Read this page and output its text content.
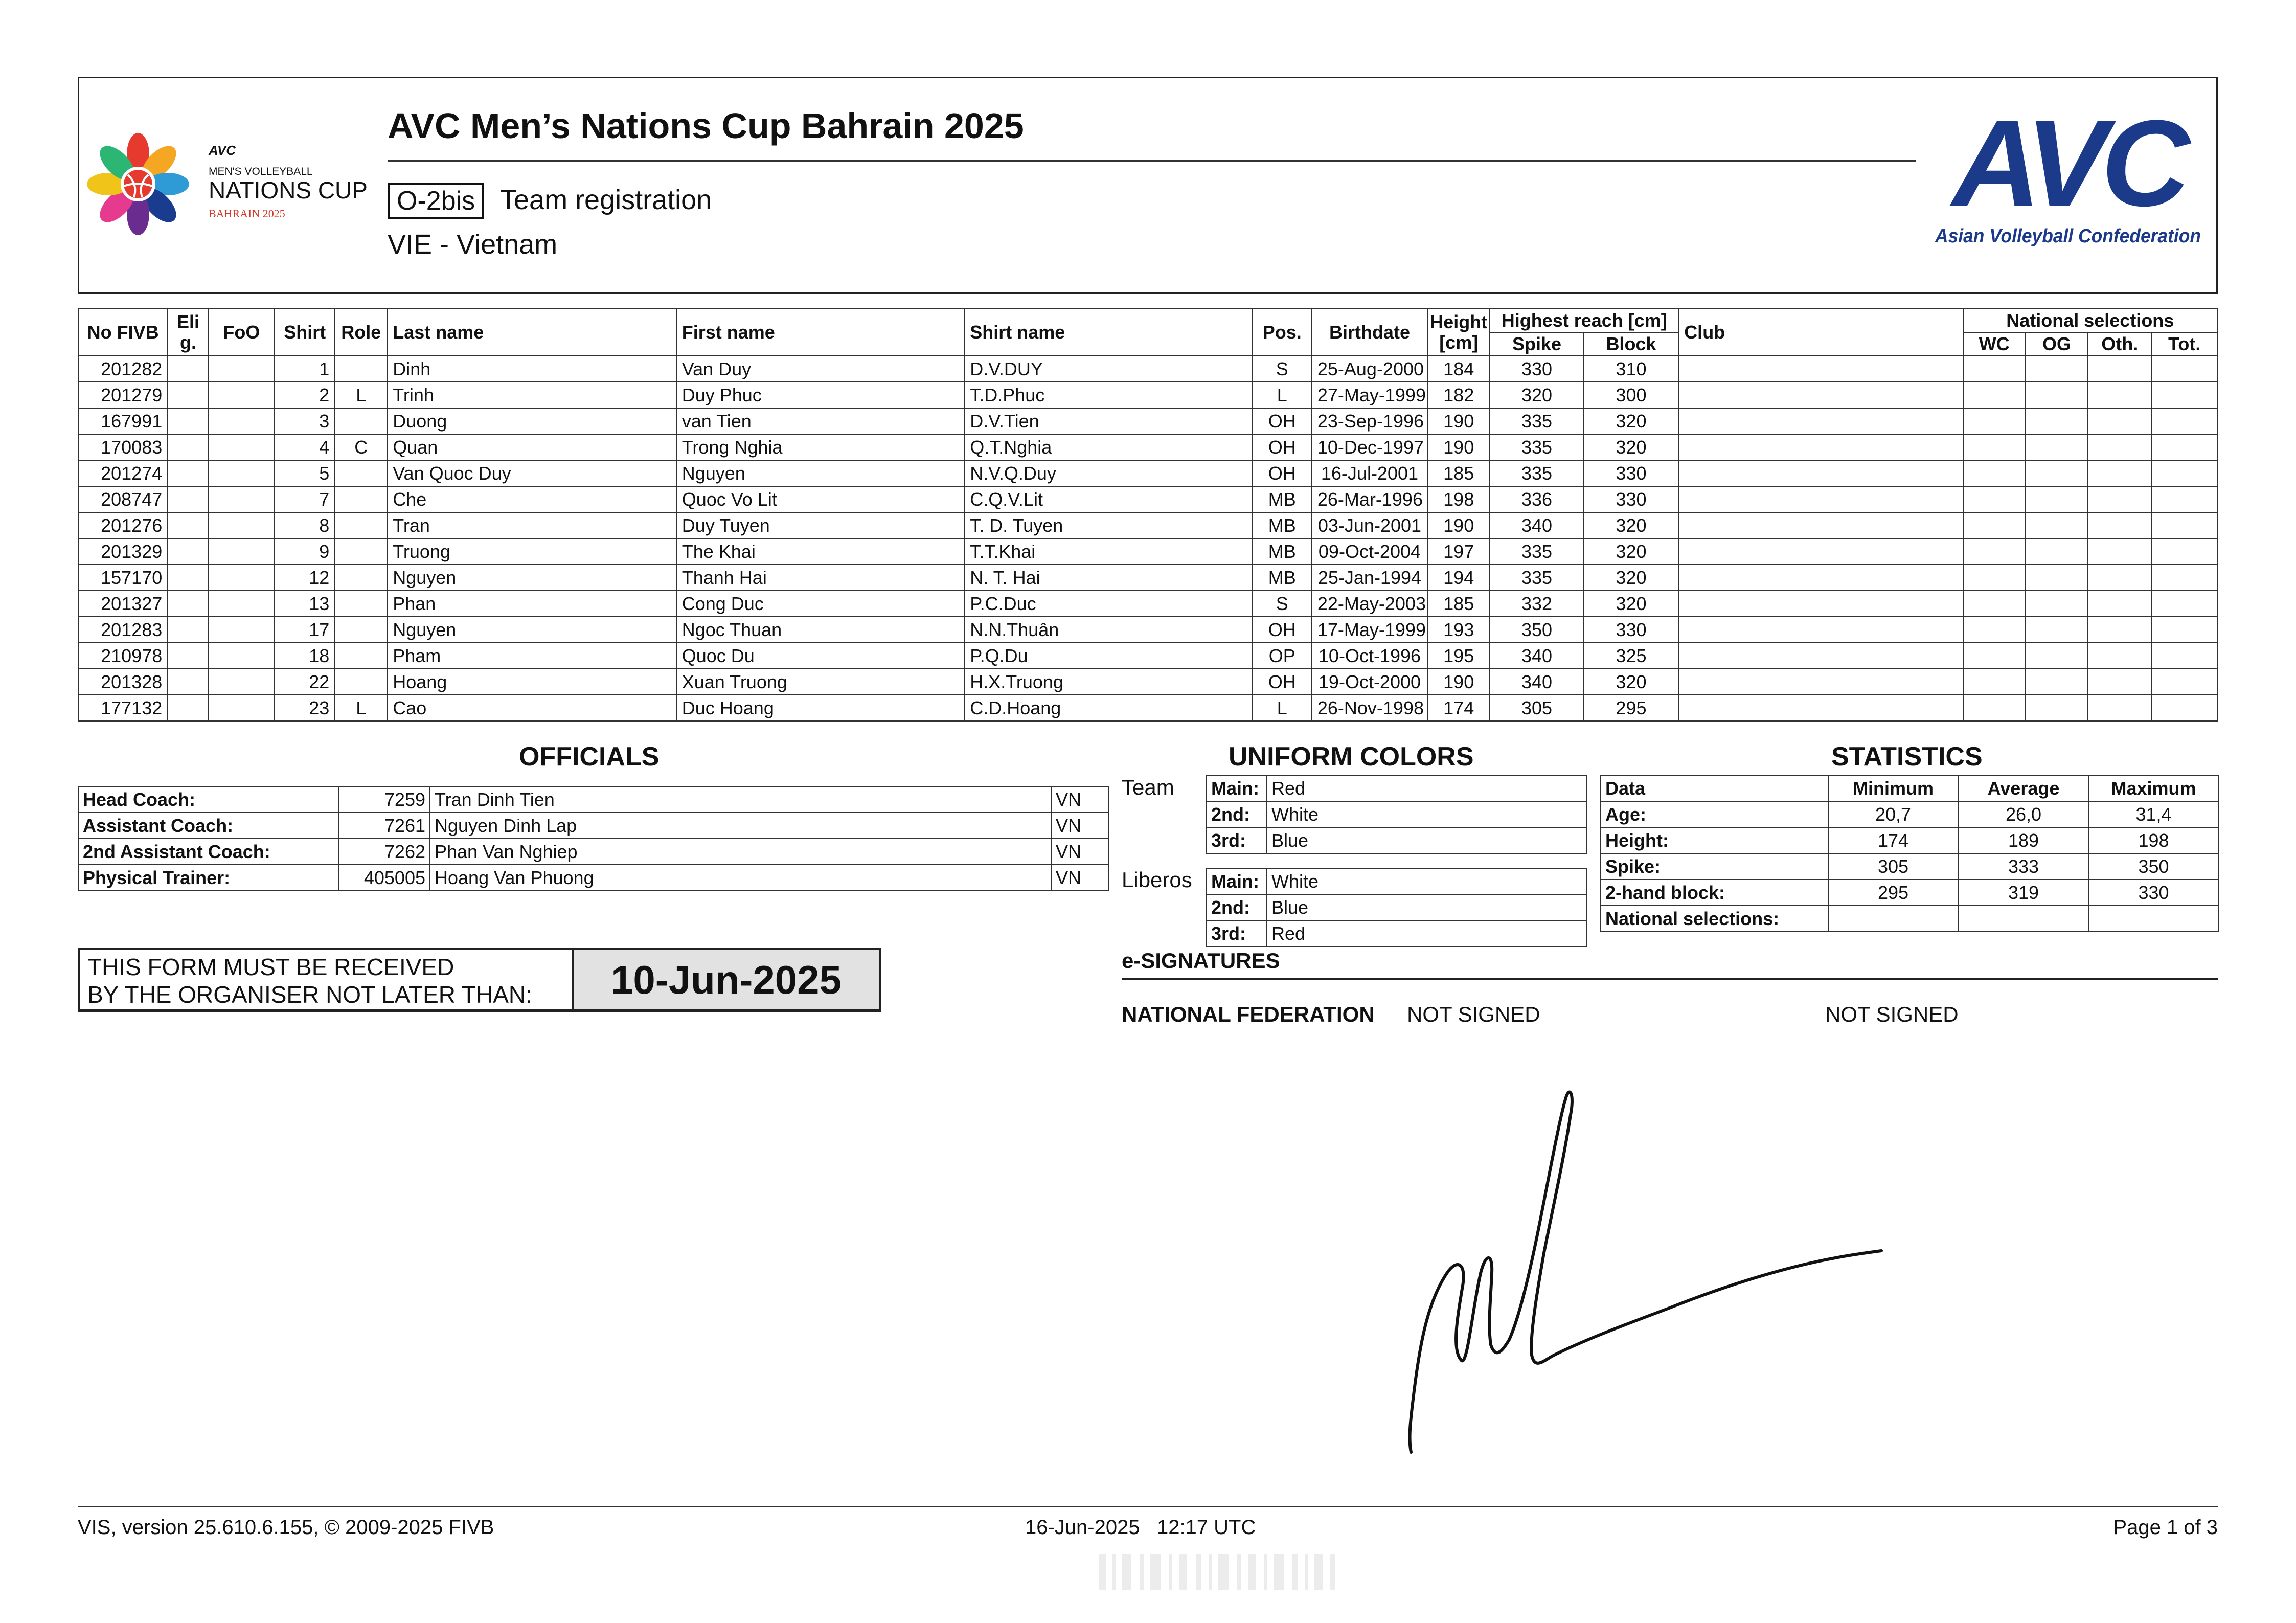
AVC
MEN'S VOLLEYBALL
NATIONS CUP
BAHRAIN 2025
AVC Men’s Nations Cup Bahrain 2025
O-2bis Team registration
VIE - Vietnam
AVC
Asian Volleyball Confederation
No FIVB	Eli g.	FoO	Shirt	Role	Last name	First name	Shirt name	Pos.	Birthdate	Height [cm]	Highest reach [cm]		Club	National selections			
											Spike	Block		WC	OG	Oth.	Tot.
201282			1		Dinh	Van Duy	D.V.DUY	S	25-Aug-2000	184	330	310					
201279			2	L	Trinh	Duy Phuc	T.D.Phuc	L	27-May-1999	182	320	300					
167991			3		Duong	van Tien	D.V.Tien	OH	23-Sep-1996	190	335	320					
170083			4	C	Quan	Trong Nghia	Q.T.Nghia	OH	10-Dec-1997	190	335	320					
201274			5		Van Quoc Duy	Nguyen	N.V.Q.Duy	OH	16-Jul-2001	185	335	330					
208747			7		Che	Quoc Vo Lit	C.Q.V.Lit	MB	26-Mar-1996	198	336	330					
201276			8		Tran	Duy Tuyen	T. D. Tuyen	MB	03-Jun-2001	190	340	320					
201329			9		Truong	The Khai	T.T.Khai	MB	09-Oct-2004	197	335	320					
157170			12		Nguyen	Thanh Hai	N. T. Hai	MB	25-Jan-1994	194	335	320					
201327			13		Phan	Cong Duc	P.C.Duc	S	22-May-2003	185	332	320					
201283			17		Nguyen	Ngoc Thuan	N.N.Thuân	OH	17-May-1999	193	350	330					
210978			18		Pham	Quoc Du	P.Q.Du	OP	10-Oct-1996	195	340	325					
201328			22		Hoang	Xuan Truong	H.X.Truong	OH	19-Oct-2000	190	340	320					
177132			23	L	Cao	Duc Hoang	C.D.Hoang	L	26-Nov-1998	174	305	295					
OFFICIALS
Head Coach:	7259	Tran Dinh Tien	VN
Assistant Coach:	7261	Nguyen Dinh Lap	VN
2nd Assistant Coach:	7262	Phan Van Nghiep	VN
Physical Trainer:	405005	Hoang Van Phuong	VN
THIS FORM MUST BE RECEIVED
BY THE ORGANISER NOT LATER THAN:	10-Jun-2025
UNIFORM COLORS
Team Main:	Red
2nd:	White
3rd:	Blue
Liberos Main:	White
2nd:	Blue
3rd:	Red
STATISTICS
Data	Minimum	Average	Maximum
Age:	20,7	26,0	31,4
Height:	174	189	198
Spike:	305	333	350
2-hand block:	295	319	330
National selections:			
e-SIGNATURES
NATIONAL FEDERATION NOT SIGNED	NOT SIGNED
VIS, version 25.610.6.155, © 2009-2025 FIVB	16-Jun-2025   12:17 UTC	Page 1 of 3
